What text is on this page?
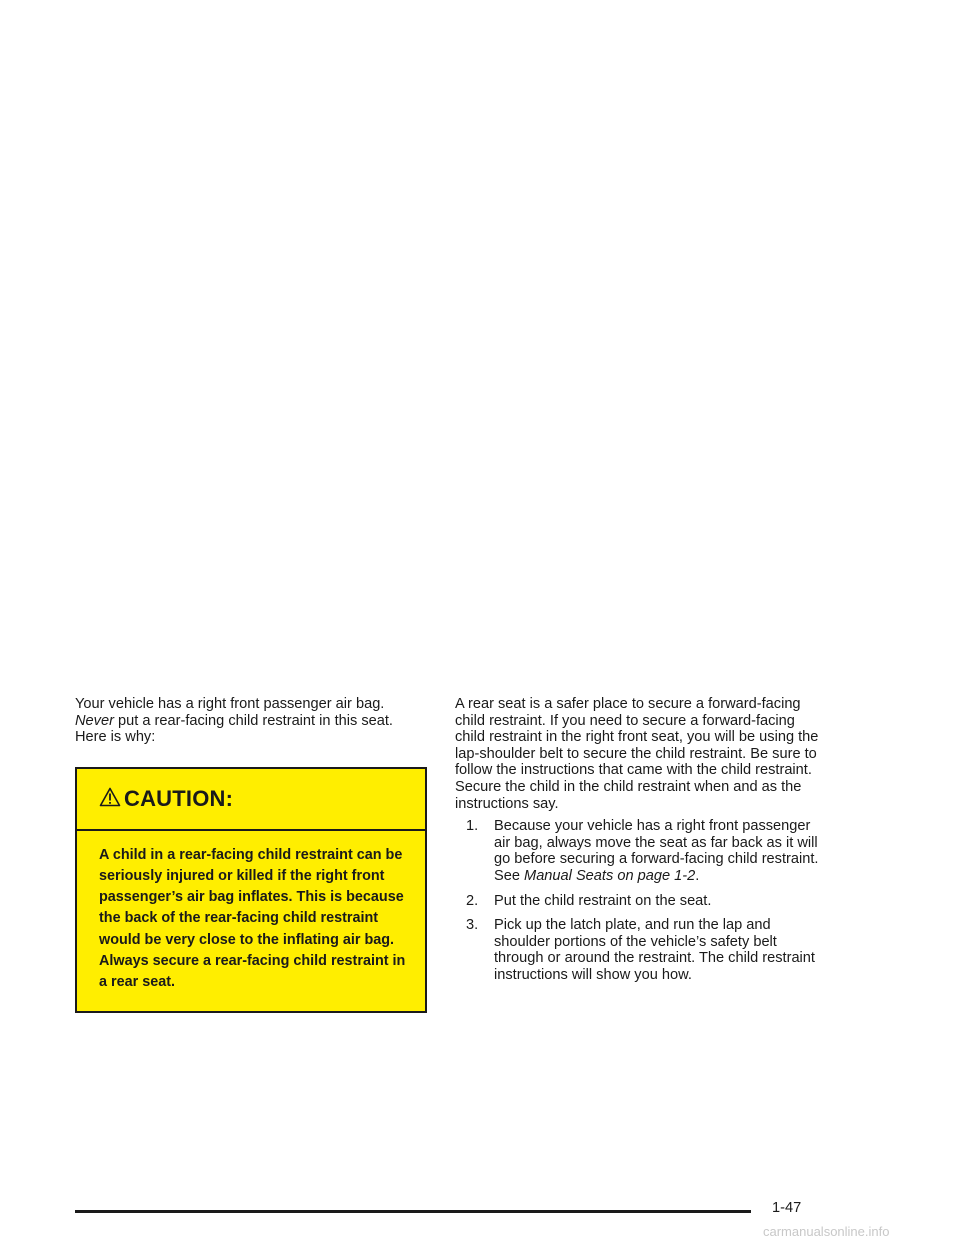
Your vehicle has a right front passenger air bag.
Never put a rear-facing child restraint in this seat.
Here is why:

CAUTION:
A child in a rear-facing child restraint can be seriously injured or killed if the right front passenger’s air bag inflates. This is because the back of the rear-facing child restraint would be very close to the inflating air bag. Always secure a rear-facing child restraint in a rear seat.

A rear seat is a safer place to secure a forward-facing child restraint. If you need to secure a forward-facing child restraint in the right front seat, you will be using the lap-shoulder belt to secure the child restraint. Be sure to follow the instructions that came with the child restraint. Secure the child in the child restraint when and as the instructions say.

1.	Because your vehicle has a right front passenger air bag, always move the seat as far back as it will go before securing a forward-facing child restraint. See Manual Seats on page 1-2.
2.	Put the child restraint on the seat.
3.	Pick up the latch plate, and run the lap and shoulder portions of the vehicle’s safety belt through or around the restraint. The child restraint instructions will show you how.
1-47
carmanualsonline.info
